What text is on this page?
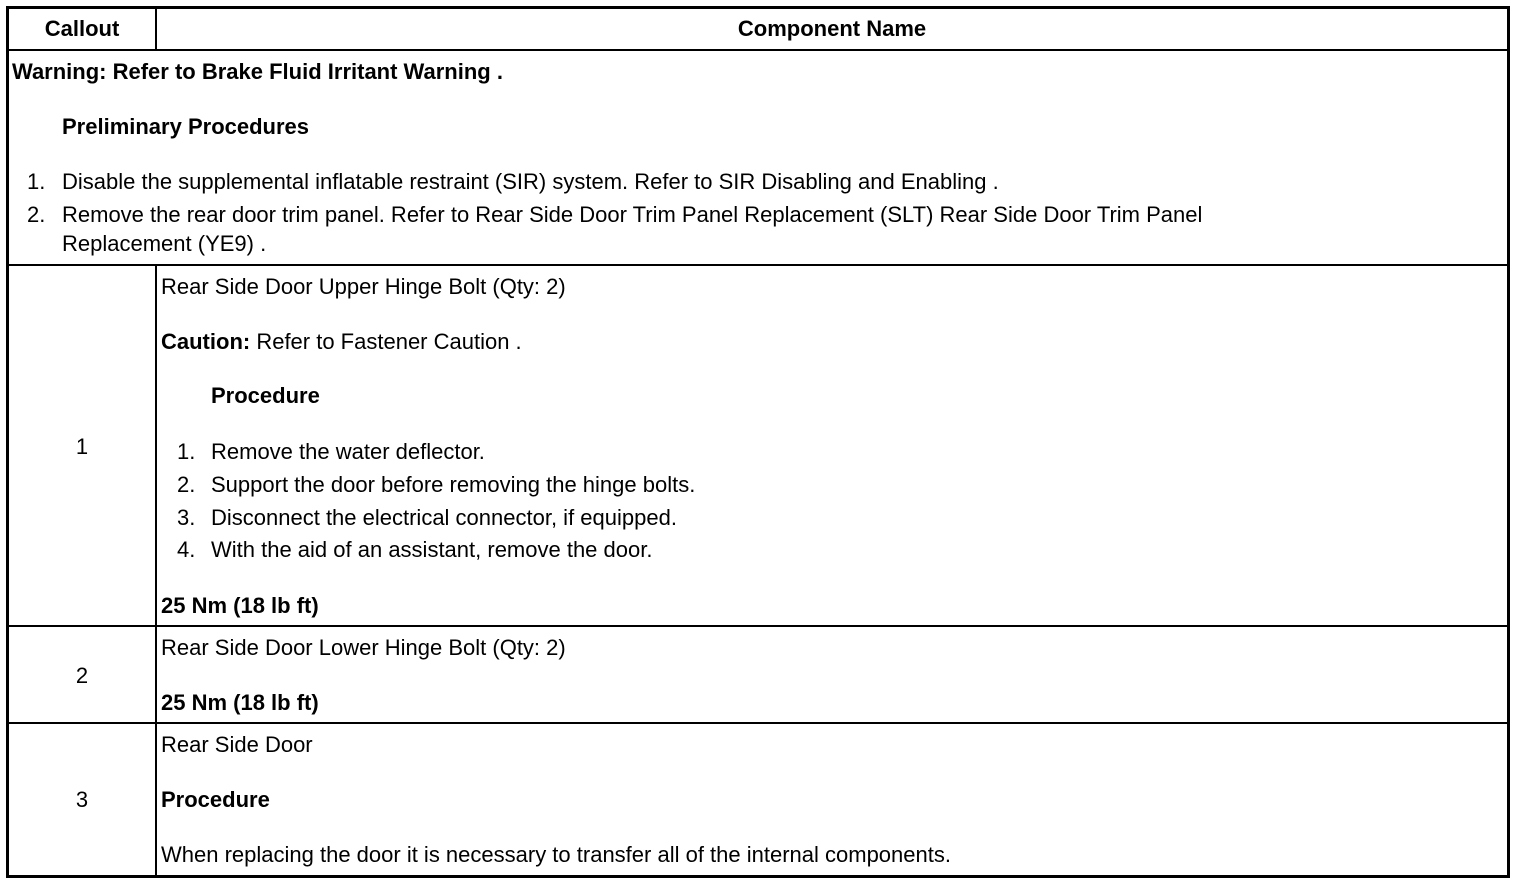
Callout	Component Name
Warning: Refer to Brake Fluid Irritant Warning .
Preliminary Procedures
1. Disable the supplemental inflatable restraint (SIR) system. Refer to SIR Disabling and Enabling .
2. Remove the rear door trim panel. Refer to Rear Side Door Trim Panel Replacement (SLT) Rear Side Door Trim Panel
Replacement (YE9) .
1
Rear Side Door Upper Hinge Bolt (Qty: 2)
Caution: Refer to Fastener Caution .
Procedure
1. Remove the water deflector.
2. Support the door before removing the hinge bolts.
3. Disconnect the electrical connector, if equipped.
4. With the aid of an assistant, remove the door.
25 Nm (18 lb ft)
2
Rear Side Door Lower Hinge Bolt (Qty: 2)
25 Nm (18 lb ft)
3
Rear Side Door
Procedure
When replacing the door it is necessary to transfer all of the internal components.
